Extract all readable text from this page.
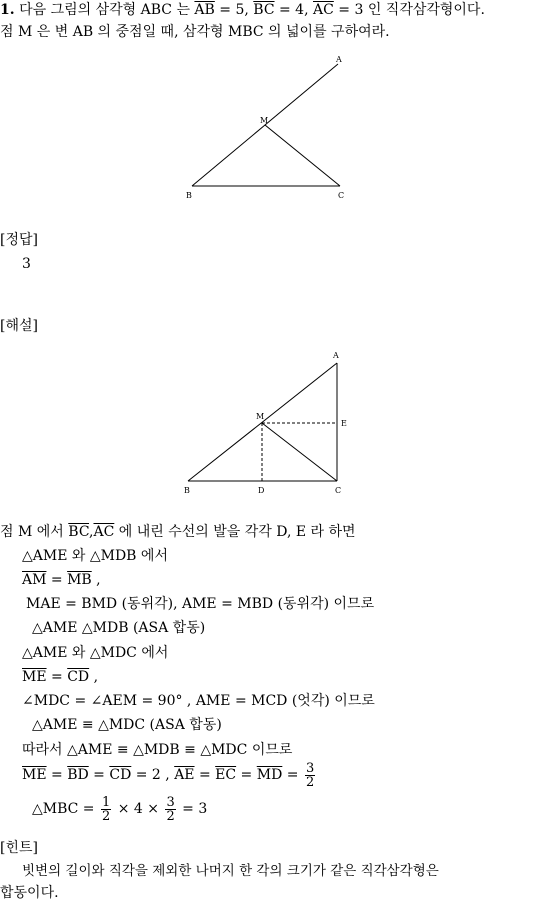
1. 다음 그림의 삼각형 ABC 는 $\overline{AB} = 5$, $\overline{BC} = 4$, $\overline{AC} = 3$ 인 직각삼각형이다.
점 M 은 변 AB 의 중점일 때, 삼각형 MBC 의 넓이를 구하여라.
A
M
B	C
[정답]
3
[해설]
A
M
E
B	D	C
점 M 에서 $\overline{BC},\overline{AC}$ 에 내린 수선의 발을 각각 D, E 라 하면
△AME 와 △MDB 에서
$\overline{AM} = \overline{MB}$ ,
MAE = BMD (동위각), AME = MBD (동위각) 이므로
△AME △MDB (ASA 합동)
△AME 와 △MDC 에서
$\overline{ME} = \overline{CD}$ ,
∠MDC = ∠AEM = 90° , AME = MCD (엇각) 이므로
△AME ≡ △MDC (ASA 합동)
따라서 △AME ≡ △MDB ≡ △MDC 이므로
$\overline{ME} = \overline{BD} = \overline{CD} = 2$ , $\overline{AE} = \overline{EC} = \overline{MD} = \frac{3}{2}$
△MBC = $\frac{1}{2} \times 4 \times \frac{3}{2} = 3$
[힌트]
빗변의 길이와 직각을 제외한 나머지 한 각의 크기가 같은 직각삼각형은
합동이다.
